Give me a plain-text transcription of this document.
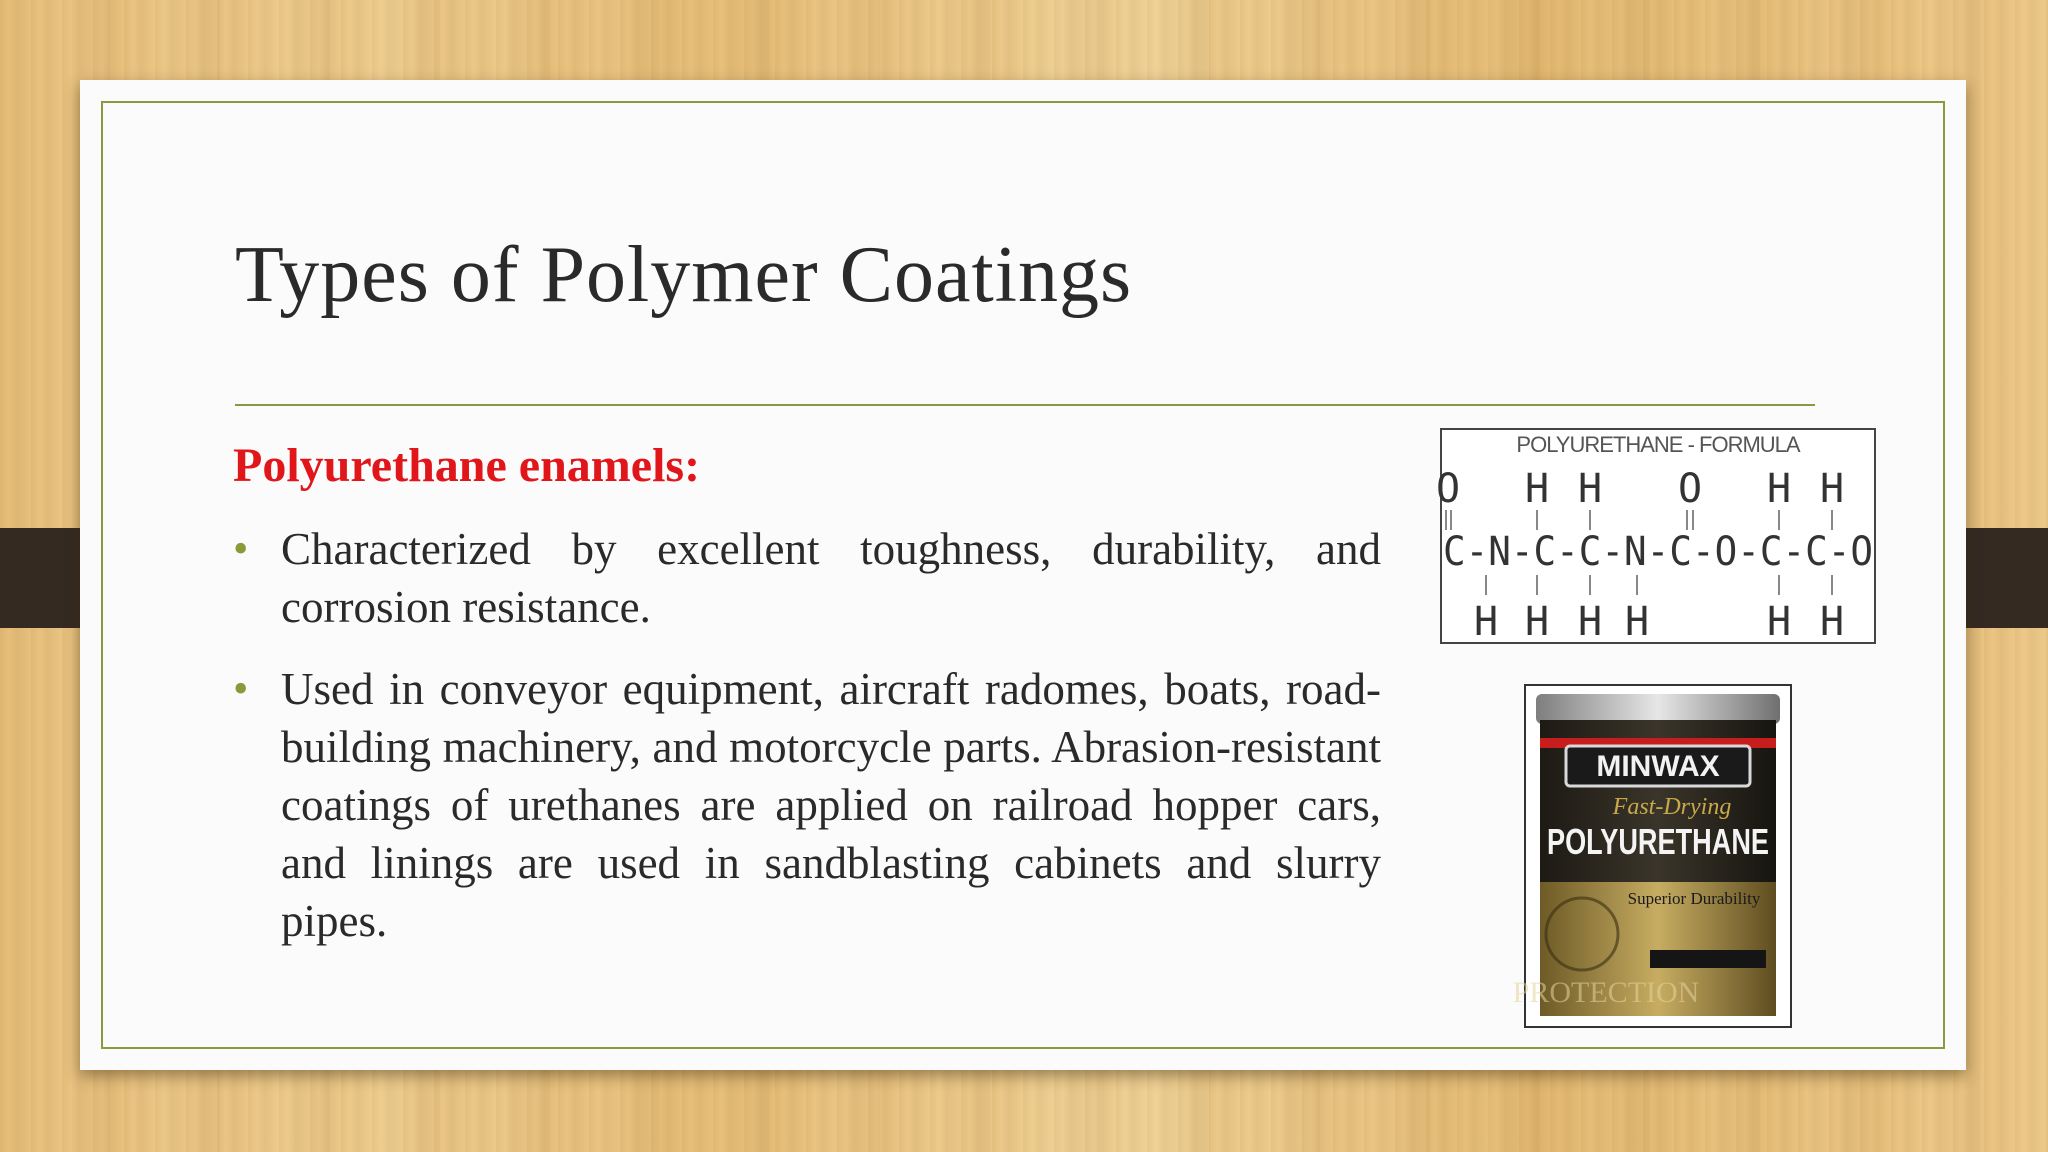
Types of Polymer Coatings
Polyurethane enamels:
• Characterized by excellent toughness, durability, and corrosion resistance.
• Used in conveyor equipment, aircraft radomes, boats, road-building machinery, and motorcycle parts. Abrasion-resistant coatings of urethanes are applied on railroad hopper cars, and linings are used in sandblasting cabinets and slurry pipes.
POLYURETHANE - FORMULA
O H H O H H
C-N-C-C-N-C-O-C-C-O
H H H H	H H
MINWAX
Fast-Drying
POLYURETHANE
Superior Durability
PROTECTION
